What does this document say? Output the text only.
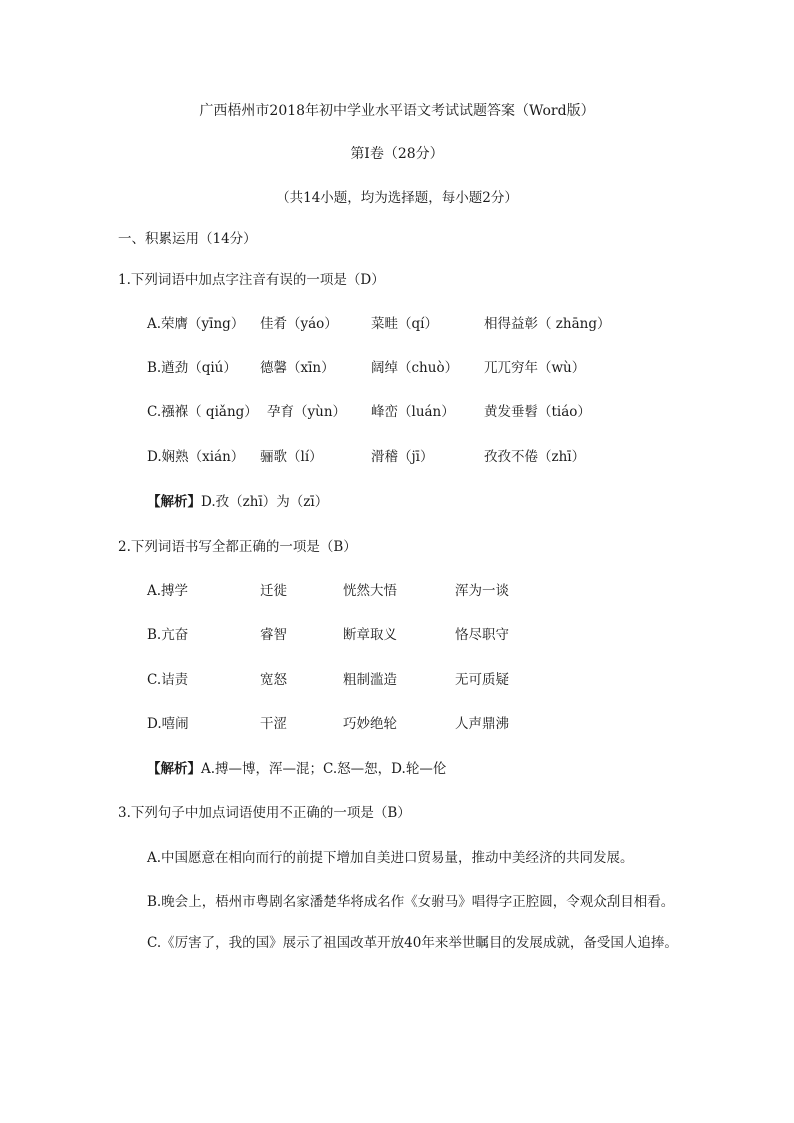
广西梧州市2018年初中学业水平语文考试试题答案（Word版）
第Ⅰ卷（28分）
（共14小题，均为选择题，每小题2分）
一、积累运用（14分）
1.下列词语中加点字注音有误的一项是（D）
A.荣膺（yīng） 佳肴（yáo） 菜畦（qí）	相得益彰（ zhāng）
B.遒劲（qiú） 德馨（xīn）	阔绰（chuò） 兀兀穷年（wù）
C.襁褓（ qiǎng） 孕育（yùn） 峰峦（luán） 黄发垂髫（tiáo）
D.娴熟（xián） 骊歌（lí）	滑稽（jī）	孜孜不倦（zhī）
【解析】D.孜（zhī）为（zī）
2.下列词语书写全都正确的一项是（B）
A.搏学	迁徙	恍然大悟	浑为一谈
B.亢奋	睿智	断章取义	恪尽职守
C.诘责	宽怒	粗制滥造	无可质疑
D.嘻闹	干涩	巧妙绝轮	人声鼎沸
【解析】A.搏—博，浑—混；C.怒—恕，D.轮—伦
3.下列句子中加点词语使用不正确的一项是（B）
A.中国愿意在相向而行的前提下增加自美进口贸易量，推动中美经济的共同发展。
B.晚会上，梧州市粤剧名家潘楚华将成名作《女驸马》唱得字正腔圆，令观众刮目相看。
C.《厉害了，我的国》展示了祖国改革开放40年来举世瞩目的发展成就，备受国人追捧。
